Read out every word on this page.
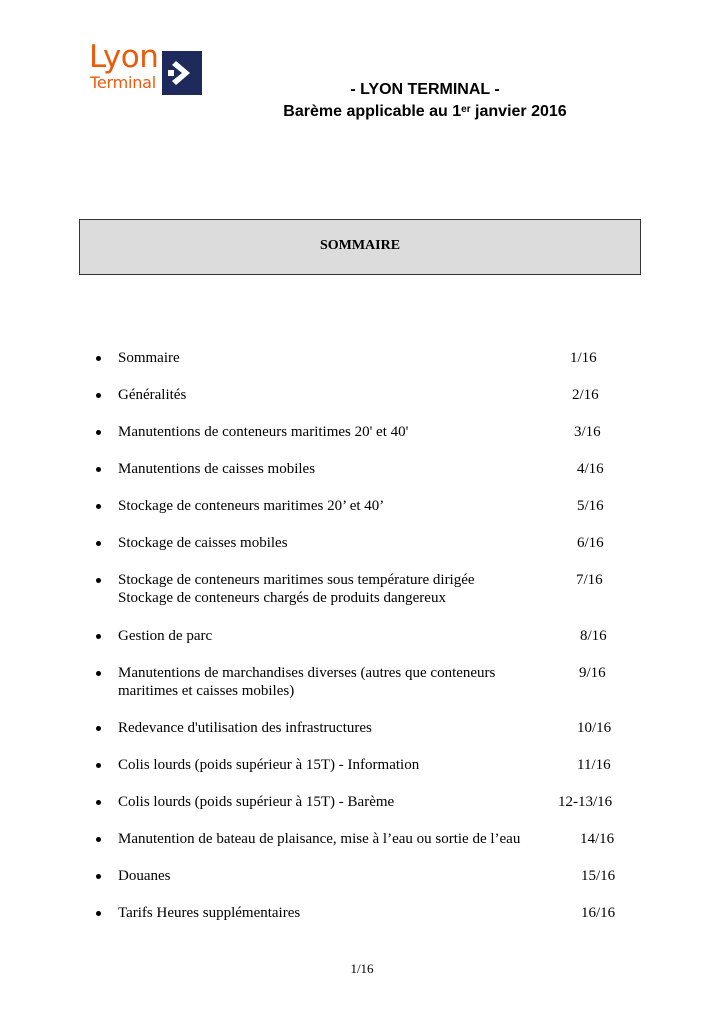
Lyon
Terminal	- LYON TERMINAL -
Barème applicable au 1er janvier 2016
SOMMAIRE
Sommaire	1/16
Généralités	2/16
Manutentions de conteneurs maritimes 20' et 40'	3/16
Manutentions de caisses mobiles	4/16
Stockage de conteneurs maritimes 20’ et 40’	5/16
Stockage de caisses mobiles	6/16
Stockage de conteneurs maritimes sous température dirigée
Stockage de conteneurs chargés de produits dangereux
7/16
Gestion de parc	8/16
Manutentions de marchandises diverses (autres que conteneurs
maritimes et caisses mobiles)
9/16
Redevance d'utilisation des infrastructures	10/16
Colis lourds (poids supérieur à 15T) - Information	11/16
Colis lourds (poids supérieur à 15T) - Barème	12-13/16
Manutention de bateau de plaisance, mise à l’eau ou sortie de l’eau	14/16
Douanes	15/16
Tarifs Heures supplémentaires	16/16
1/16
